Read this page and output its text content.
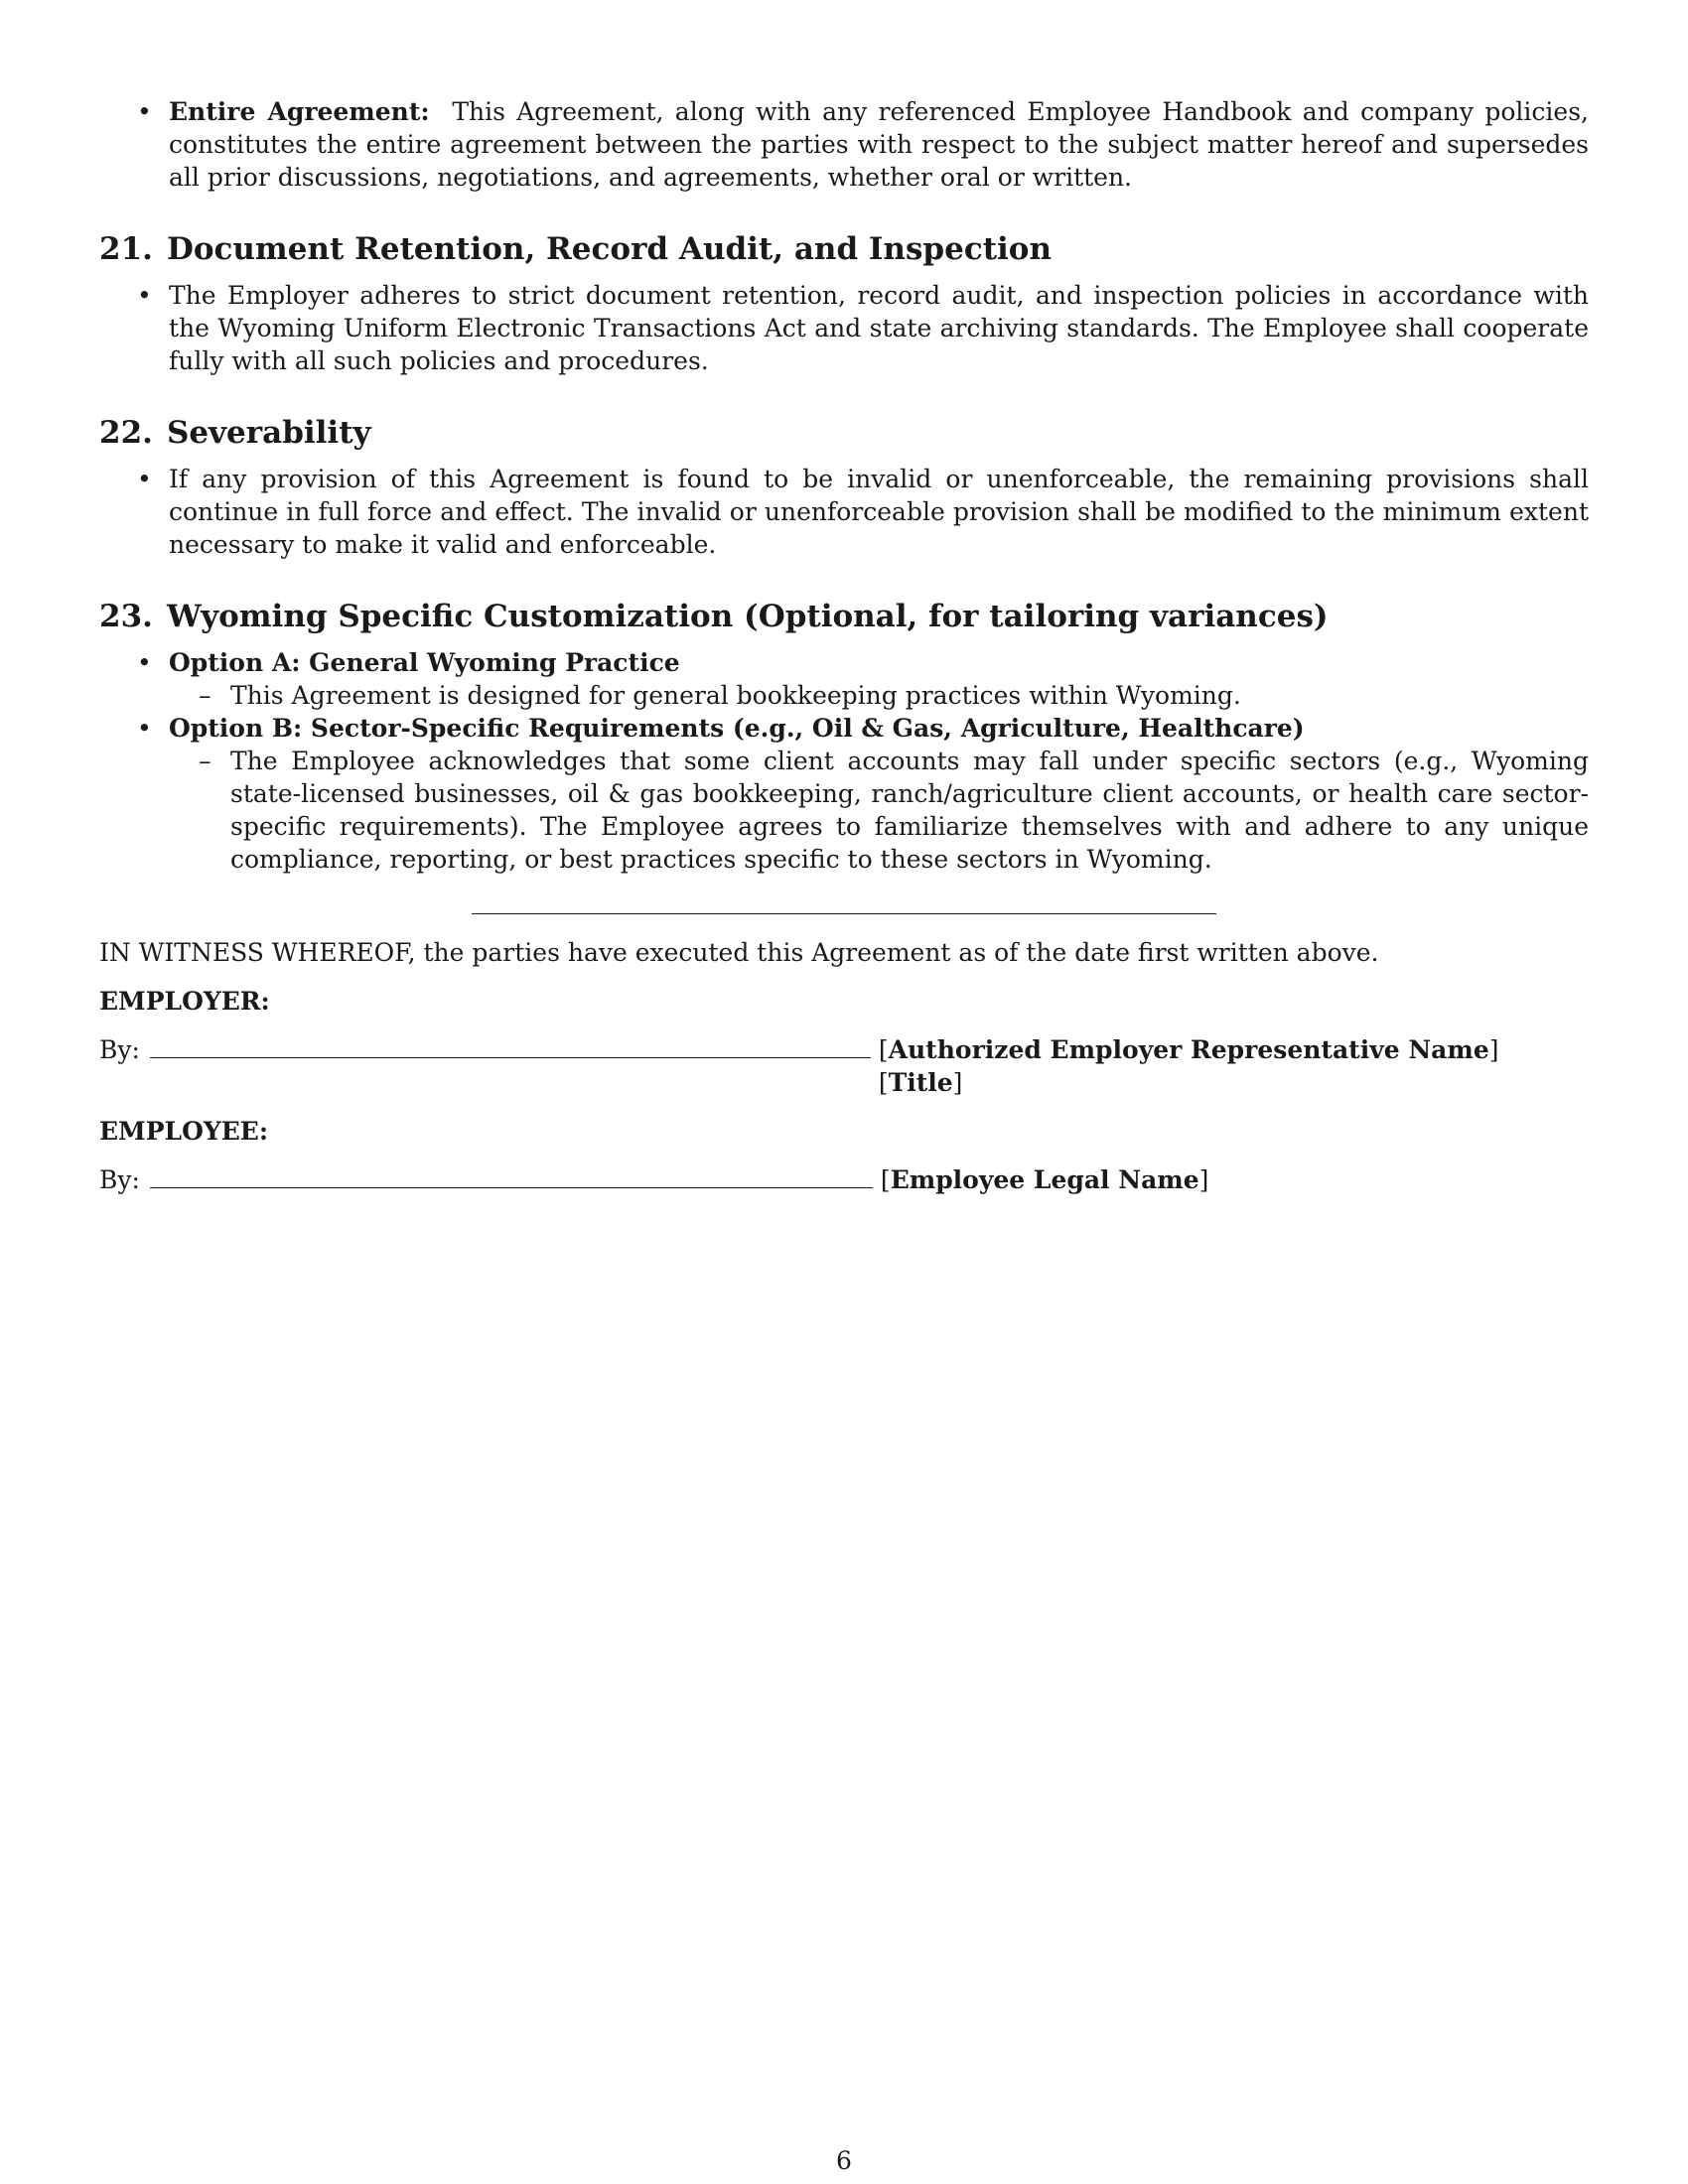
• Entire Agreement: This Agreement, along with any referenced Employee Handbook and company policies, constitutes the entire agreement between the parties with respect to the subject matter hereof and supersedes all prior discussions, negotiations, and agreements, whether oral or written.
21. Document Retention, Record Audit, and Inspection
• The Employer adheres to strict document retention, record audit, and inspection policies in accordance with the Wyoming Uniform Electronic Transactions Act and state archiving standards. The Employee shall cooperate fully with all such policies and procedures.
22. Severability
• If any provision of this Agreement is found to be invalid or unenforceable, the remaining provisions shall continue in full force and effect. The invalid or unenforceable provision shall be modified to the minimum extent necessary to make it valid and enforceable.
23. Wyoming Specific Customization (Optional, for tailoring variances)
• Option A: General Wyoming Practice
– This Agreement is designed for general bookkeeping practices within Wyoming.
• Option B: Sector-Specific Requirements (e.g., Oil & Gas, Agriculture, Healthcare)
– The Employee acknowledges that some client accounts may fall under specific sectors (e.g., Wyoming state-licensed businesses, oil & gas bookkeeping, ranch/agriculture client accounts, or health care sector-specific requirements). The Employee agrees to familiarize themselves with and adhere to any unique compliance, reporting, or best practices specific to these sectors in Wyoming.
IN WITNESS WHEREOF, the parties have executed this Agreement as of the date first written above.
EMPLOYER:
By:	[Authorized Employer Representative Name] [Title]
EMPLOYEE:
By:	[Employee Legal Name]
6
